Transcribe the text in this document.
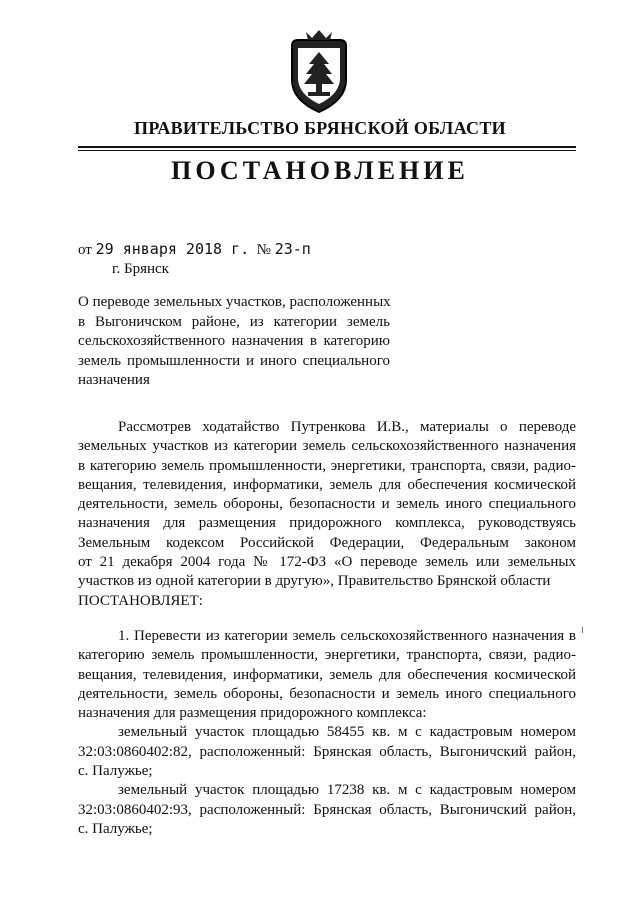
ПРАВИТЕЛЬСТВО БРЯНСКОЙ ОБЛАСТИ
ПОСТАНОВЛЕНИЕ
от 29 января 2018 г. № 23-п
г. Брянск
О переводе земельных участков, расположенных
в Выгоничском районе, из категории земель
сельскохозяйственного назначения в категорию
земель промышленности и иного специального
назначения
Рассмотрев ходатайство Путренкова И.В., материалы о переводе
земельных участков из категории земель сельскохозяйственного назначения
в категорию земель промышленности, энергетики, транспорта, связи, радио-
вещания, телевидения, информатики, земель для обеспечения космической
деятельности, земель обороны, безопасности и земель иного специального
назначения для размещения придорожного комплекса, руководствуясь
Земельным кодексом Российской Федерации, Федеральным законом
от 21 декабря 2004 года № 172-ФЗ «О переводе земель или земельных
участков из одной категории в другую», Правительство Брянской области
ПОСТАНОВЛЯЕТ:
1. Перевести из категории земель сельскохозяйственного назначения в
категорию земель промышленности, энергетики, транспорта, связи, радио-
вещания, телевидения, информатики, земель для обеспечения космической
деятельности, земель обороны, безопасности и земель иного специального
назначения для размещения придорожного комплекса:
земельный участок площадью 58455 кв. м с кадастровым номером
32:03:0860402:82, расположенный: Брянская область, Выгоничский район,
с. Палужье;
земельный участок площадью 17238 кв. м с кадастровым номером
32:03:0860402:93, расположенный: Брянская область, Выгоничский район,
с. Палужье;
